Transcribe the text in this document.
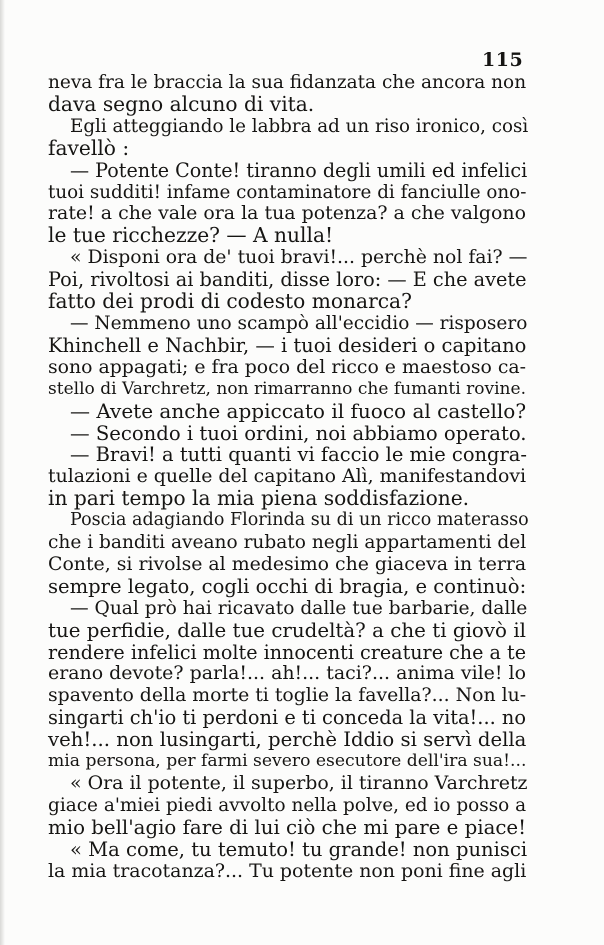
115
neva fra le braccia la sua fidanzata che ancora non
dava segno alcuno di vita.
Egli atteggiando le labbra ad un riso ironico, così
favellò :
— Potente Conte! tiranno degli umili ed infelici
tuoi sudditi! infame contaminatore di fanciulle ono-
rate! a che vale ora la tua potenza? a che valgono
le tue ricchezze? — A nulla!
« Disponi ora de' tuoi bravi!... perchè nol fai? —
Poi, rivoltosi ai banditi, disse loro: — E che avete
fatto dei prodi di codesto monarca?
— Nemmeno uno scampò all'eccidio — risposero
Khinchell e Nachbir, — i tuoi desideri o capitano
sono appagati; e fra poco del ricco e maestoso ca-
stello di Varchretz, non rimarranno che fumanti rovine.
— Avete anche appiccato il fuoco al castello?
— Secondo i tuoi ordini, noi abbiamo operato.
— Bravi! a tutti quanti vi faccio le mie congra-
tulazioni e quelle del capitano Alì, manifestandovi
in pari tempo la mia piena soddisfazione.
Poscia adagiando Florinda su di un ricco materasso
che i banditi aveano rubato negli appartamenti del
Conte, si rivolse al medesimo che giaceva in terra
sempre legato, cogli occhi di bragia, e continuò:
— Qual prò hai ricavato dalle tue barbarie, dalle
tue perfidie, dalle tue crudeltà? a che ti giovò il
rendere infelici molte innocenti creature che a te
erano devote? parla!... ah!... taci?... anima vile! lo
spavento della morte ti toglie la favella?... Non lu-
singarti ch'io ti perdoni e ti conceda la vita!... no
veh!... non lusingarti, perchè Iddio si servì della
mia persona, per farmi severo esecutore dell'ira sua!...
« Ora il potente, il superbo, il tiranno Varchretz
giace a'miei piedi avvolto nella polve, ed io posso a
mio bell'agio fare di lui ciò che mi pare e piace!
« Ma come, tu temuto! tu grande! non punisci
la mia tracotanza?... Tu potente non poni fine agli
